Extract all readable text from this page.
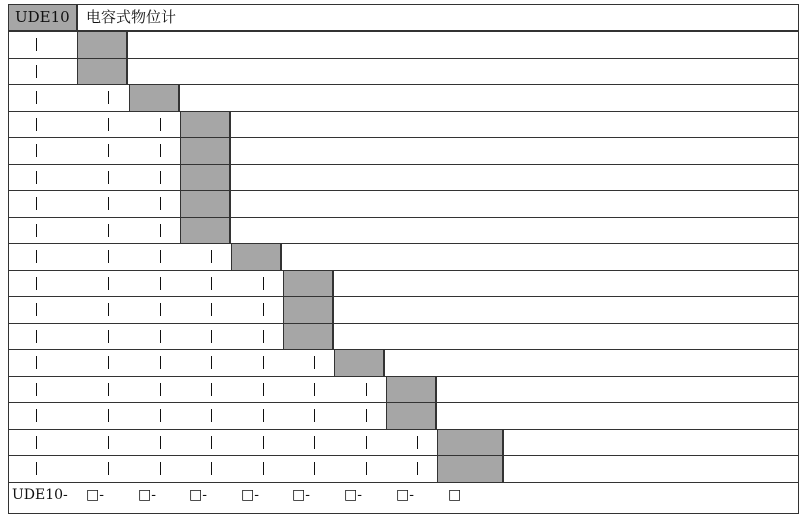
UDE10	电容式物位计
UDE10- □- □- □- □- □- □- □- □
